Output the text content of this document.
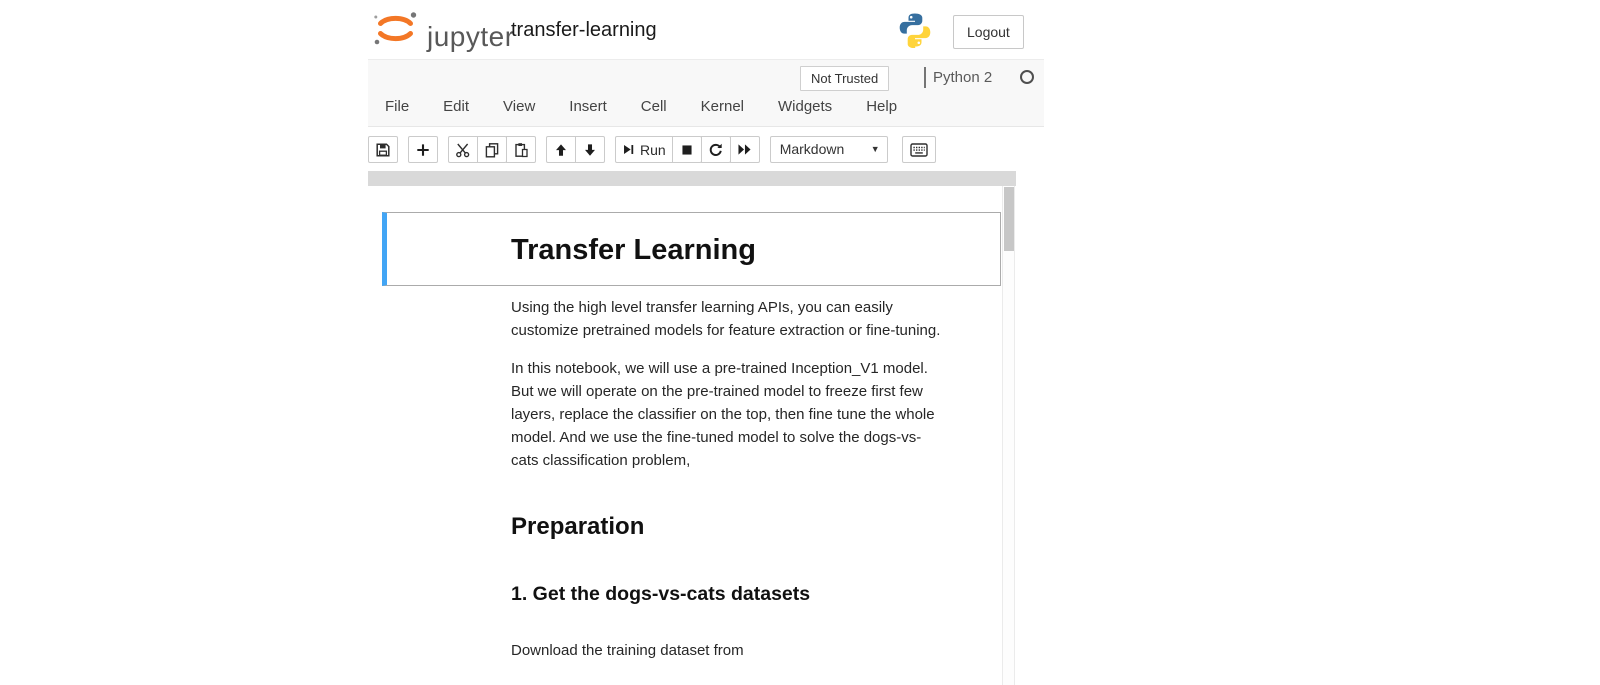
jupyter
transfer-learning	Logout
Not Trusted	Python 2
File Edit View Insert Cell Kernel Widgets Help
Run	Markdown	▼
Transfer Learning

Using the high level transfer learning APIs, you can easily
customize pretrained models for feature extraction or fine-tuning.

In this notebook, we will use a pre-trained Inception_V1 model.
But we will operate on the pre-trained model to freeze first few
layers, replace the classifier on the top, then fine tune the whole
model. And we use the fine-tuned model to solve the dogs-vs-
cats classification problem,

Preparation
1. Get the dogs-vs-cats datasets

Download the training dataset from
